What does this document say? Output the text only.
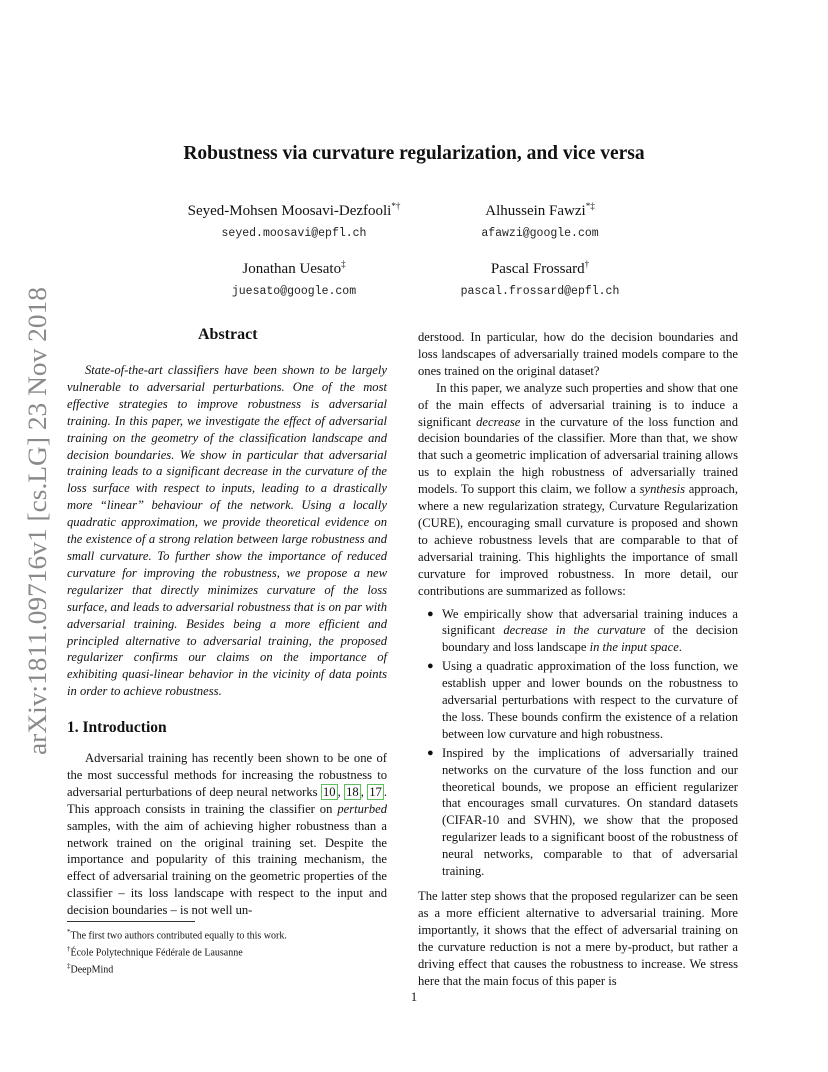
arXiv:1811.09716v1 [cs.LG] 23 Nov 2018
Robustness via curvature regularization, and vice versa
Seyed-Mohsen Moosavi-Dezfooli*†
seyed.moosavi@epfl.ch
Alhussein Fawzi*‡
afawzi@google.com
Jonathan Uesato‡
juesato@google.com
Pascal Frossard†
pascal.frossard@epfl.ch
Abstract

State-of-the-art classifiers have been shown to be largely vulnerable to adversarial perturbations. One of the most effective strategies to improve robustness is adversarial training. In this paper, we investigate the effect of adversarial training on the geometry of the classification landscape and decision boundaries. We show in particular that adversarial training leads to a significant decrease in the curvature of the loss surface with respect to inputs, leading to a drastically more “linear” behaviour of the network. Using a locally quadratic approximation, we provide theoretical evidence on the existence of a strong relation between large robustness and small curvature. To further show the importance of reduced curvature for improving the robustness, we propose a new regularizer that directly minimizes curvature of the loss surface, and leads to adversarial robustness that is on par with adversarial training. Besides being a more efficient and principled alternative to adversarial training, the proposed regularizer confirms our claims on the importance of exhibiting quasi-linear behavior in the vicinity of data points in order to achieve robustness.

1. Introduction

Adversarial training has recently been shown to be one of the most successful methods for increasing the robustness to adversarial perturbations of deep neural networks 10 , 18 , 17 . This approach consists in training the classifier on perturbed samples, with the aim of achieving higher robustness than a network trained on the original training set. Despite the importance and popularity of this training mechanism, the effect of adversarial training on the geometric properties of the classifier – its loss landscape with respect to the input and decision boundaries – is not well un-

*The first two authors contributed equally to this work.
†École Polytechnique Fédérale de Lausanne
‡DeepMind

derstood. In particular, how do the decision boundaries and loss landscapes of adversarially trained models compare to the ones trained on the original dataset?

In this paper, we analyze such properties and show that one of the main effects of adversarial training is to induce a significant decrease in the curvature of the loss function and decision boundaries of the classifier. More than that, we show that such a geometric implication of adversarial training allows us to explain the high robustness of adversarially trained models. To support this claim, we follow a synthesis approach, where a new regularization strategy, Curvature Regularization (CURE), encouraging small curvature is proposed and shown to achieve robustness levels that are comparable to that of adversarial training. This highlights the importance of small curvature for improved robustness. In more detail, our contributions are summarized as follows:

● We empirically show that adversarial training induces a significant decrease in the curvature of the decision boundary and loss landscape in the input space.
● Using a quadratic approximation of the loss function, we establish upper and lower bounds on the robustness to adversarial perturbations with respect to the curvature of the loss. These bounds confirm the existence of a relation between low curvature and high robustness.
● Inspired by the implications of adversarially trained networks on the curvature of the loss function and our theoretical bounds, we propose an efficient regularizer that encourages small curvatures. On standard datasets (CIFAR-10 and SVHN), we show that the proposed regularizer leads to a significant boost of the robustness of neural networks, comparable to that of adversarial training.

The latter step shows that the proposed regularizer can be seen as a more efficient alternative to adversarial training. More importantly, it shows that the effect of adversarial training on the curvature reduction is not a mere by-product, but rather a driving effect that causes the robustness to increase. We stress here that the main focus of this paper is

1
